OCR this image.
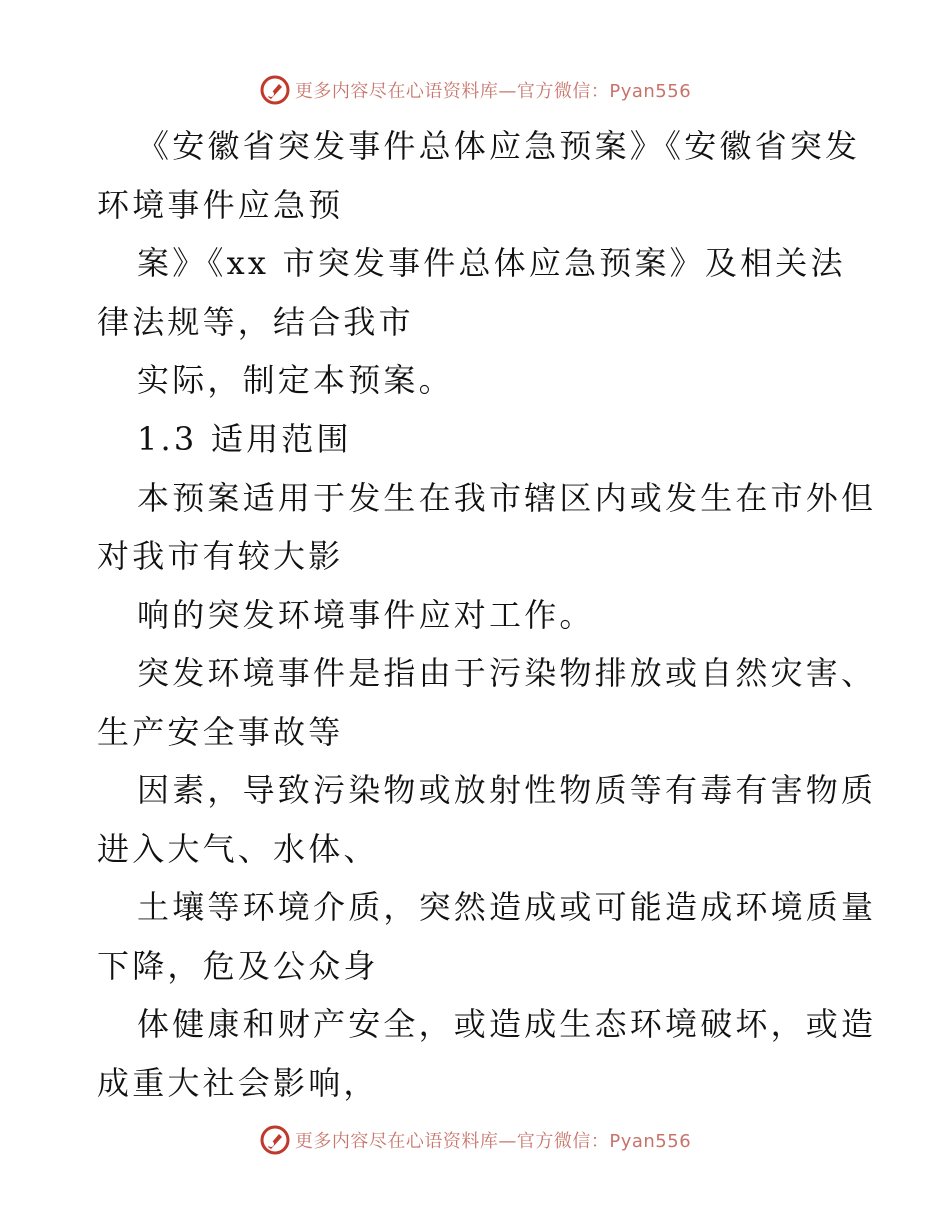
更多内容尽在心语资料库—官方微信：Pyan556
《安徽省突发事件总体应急预案》《安徽省突发
环境事件应急预
案》《xx 市突发事件总体应急预案》及相关法
律法规等，结合我市
实际，制定本预案。
1.3 适用范围
本预案适用于发生在我市辖区内或发生在市外但
对我市有较大影
响的突发环境事件应对工作。
突发环境事件是指由于污染物排放或自然灾害、
生产安全事故等
因素，导致污染物或放射性物质等有毒有害物质
进入大气、水体、
土壤等环境介质，突然造成或可能造成环境质量
下降，危及公众身
体健康和财产安全，或造成生态环境破坏，或造
成重大社会影响，
更多内容尽在心语资料库—官方微信：Pyan556
